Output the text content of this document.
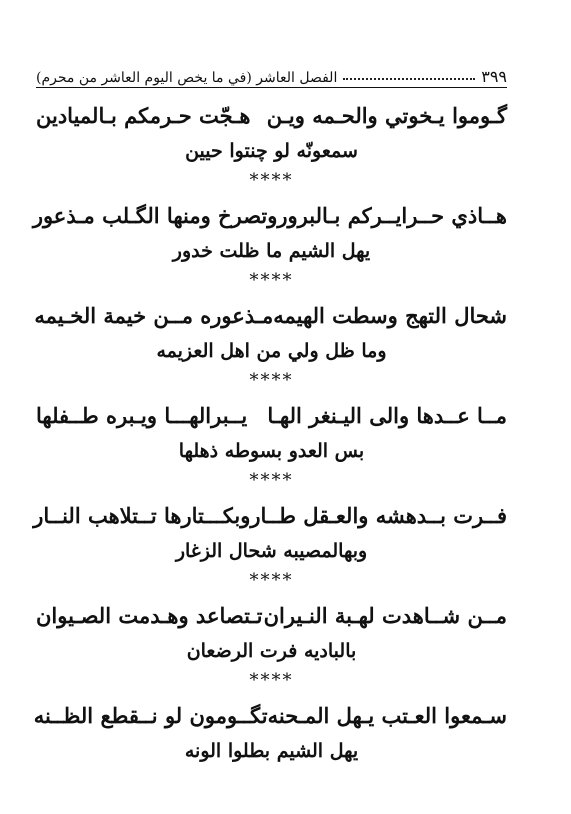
الفصل العاشر (في ما يخص اليوم العاشر من محرم)	٣٩٩
گـوموا يـخوتي والحـمه ويـن
هـجّت حـرمكم بـالميادين
سمعونّه لو چنتوا حيين
****
هــاذي حــرايــركم بـالبرور
وتصرخ ومنها الگـلب مـذعور
يهل الشيم ما ظلت خدور
****
شحال التهج وسطت الهيمه
مـذعوره مــن خيمة الخـيمه
وما ظل ولي من اهل العزيمه
****
مــا عــدها والى اليـنغر الهـا
يــبرالهـــا ويـبره طــفلها
بس العدو بسوطه ذهلها
****
فــرت بــدهشه والعـقل طــار
وبكـــتارها تــتلاهب النــار
وبهالمصيبه شحال الزغار
****
مــن شــاهدت لهـبة النـيران
تـتصاعد وهـدمت الصـيوان
بالباديه فرت الرضعان
****
سـمعوا العـتب يـهل المـحنه
تگــومون لو نــقطع الظــنه
يهل الشيم بطلوا الونه
